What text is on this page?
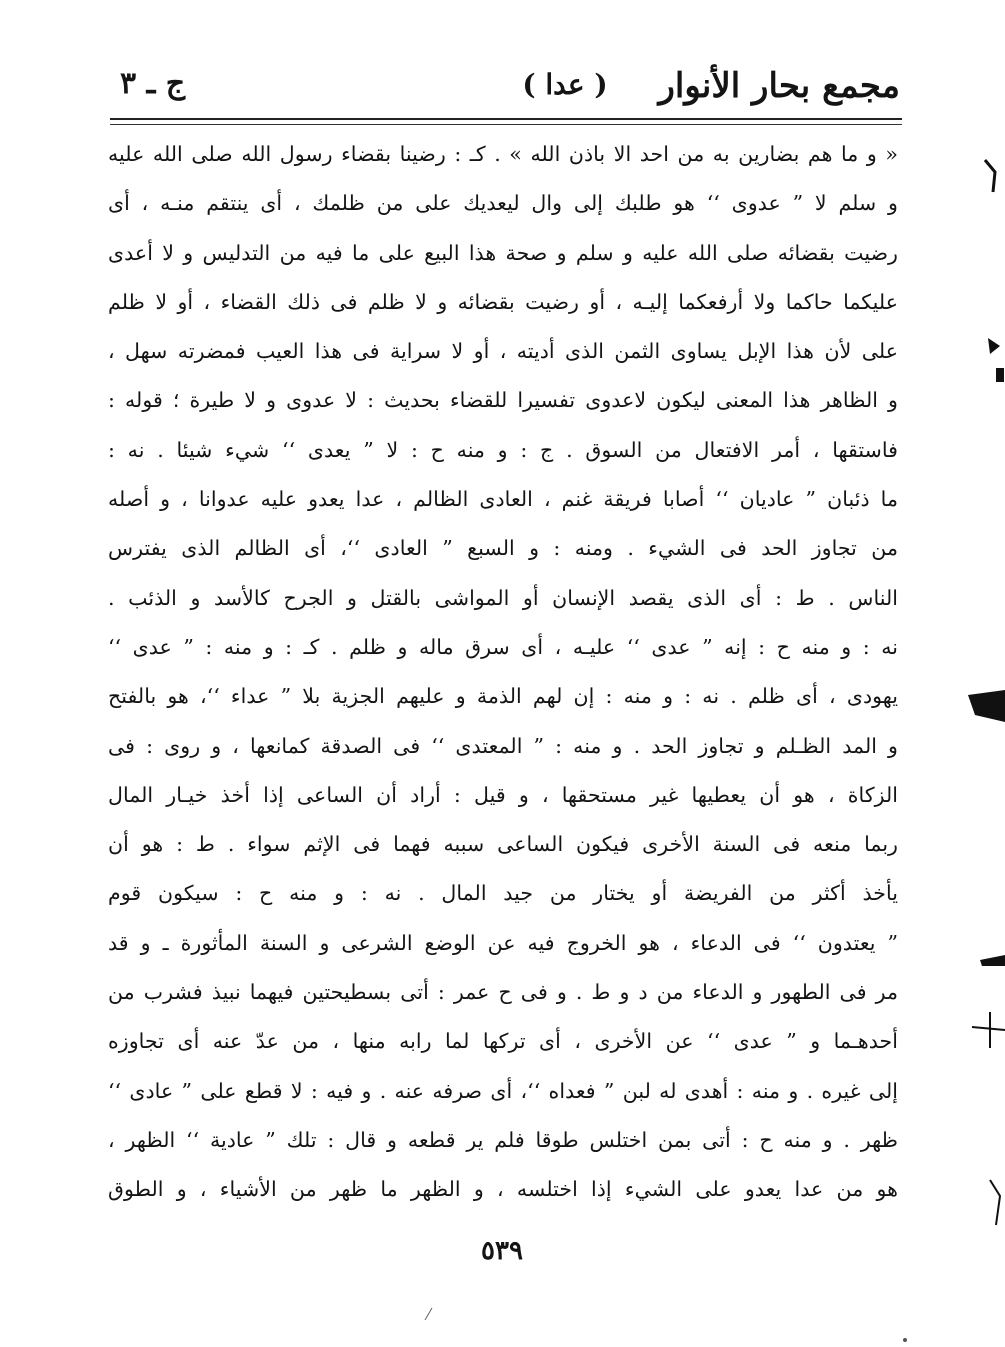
مجمع بحار الأنوار
( عدا )
ج ـ ٣
« و ما هم بضارين به من احد الا باذن الله » . كـ : رضينا بقضاء رسول الله صلى الله عليه
و سلم لا ” عدوى ‘‘ هو طلبك إلى وال ليعديك على من ظلمك ، أى ينتقم منـه ، أى
رضيت بقضائه صلى الله عليه و سلم و صحة هذا البيع على ما فيه من التدليس و لا أعدى
عليكما حاكما ولا أرفعكما إليـه ، أو رضيت بقضائه و لا ظلم فى ذلك القضاء ، أو لا ظلم
على لأن هذا الإبل يساوى الثمن الذى أديته ، أو لا سراية فى هذا العيب فمضرته سهل ،
و الظاهر هذا المعنى ليكون لاعدوى تفسيرا للقضاء بحديث : لا عدوى و لا طيرة ؛ قوله :
فاستقها ، أمر الافتعال من السوق . ج : و منه ح : لا ” يعدى ‘‘ شيء شيئا . نه :
ما ذئبان ” عاديان ‘‘ أصابا فريقة غنم ، العادى الظالم ، عدا يعدو عليه عدوانا ، و أصله
من تجاوز الحد فى الشيء . ومنه : و السبع ” العادى ‘‘، أى الظالم الذى يفترس
الناس . ط : أى الذى يقصد الإنسان أو المواشى بالقتل و الجرح كالأسد و الذئب .
نه : و منه ح : إنه ” عدى ‘‘ عليـه ، أى سرق ماله و ظلم . كـ : و منه : ” عدى ‘‘
يهودى ، أى ظلم . نه : و منه : إن لهم الذمة و عليهم الجزية بلا ” عداء ‘‘، هو بالفتح
و المد الظـلم و تجاوز الحد . و منه : ” المعتدى ‘‘ فى الصدقة كمانعها ، و روى : فى
الزكاة ، هو أن يعطيها غير مستحقها ، و قيل : أراد أن الساعى إذا أخذ خيـار المال
ربما منعه فى السنة الأخرى فيكون الساعى سببه فهما فى الإثم سواء . ط : هو أن
يأخذ أكثر من الفريضة أو يختار من جيد المال . نه : و منه ح : سيكون قوم
” يعتدون ‘‘ فى الدعاء ، هو الخروج فيه عن الوضع الشرعى و السنة المأثورة ـ و قد
مر فى الطهور و الدعاء من د و ط . و فى ح عمر : أتى بسطيحتين فيهما نبيذ فشرب من
أحدهـما و ” عدى ‘‘ عن الأخرى ، أى تركها لما رابه منها ، من عدّ عنه أى تجاوزه
إلى غيره . و منه : أهدى له لبن ” فعداه ‘‘، أى صرفه عنه . و فيه : لا قطع على ” عادى ‘‘
ظهر . و منه ح : أتى بمن اختلس طوقا فلم ير قطعه و قال : تلك ” عادية ‘‘ الظهر ،
هو من عدا يعدو على الشيء إذا اختلسه ، و الظهر ما ظهر من الأشياء ، و الطوق
٥٣٩
